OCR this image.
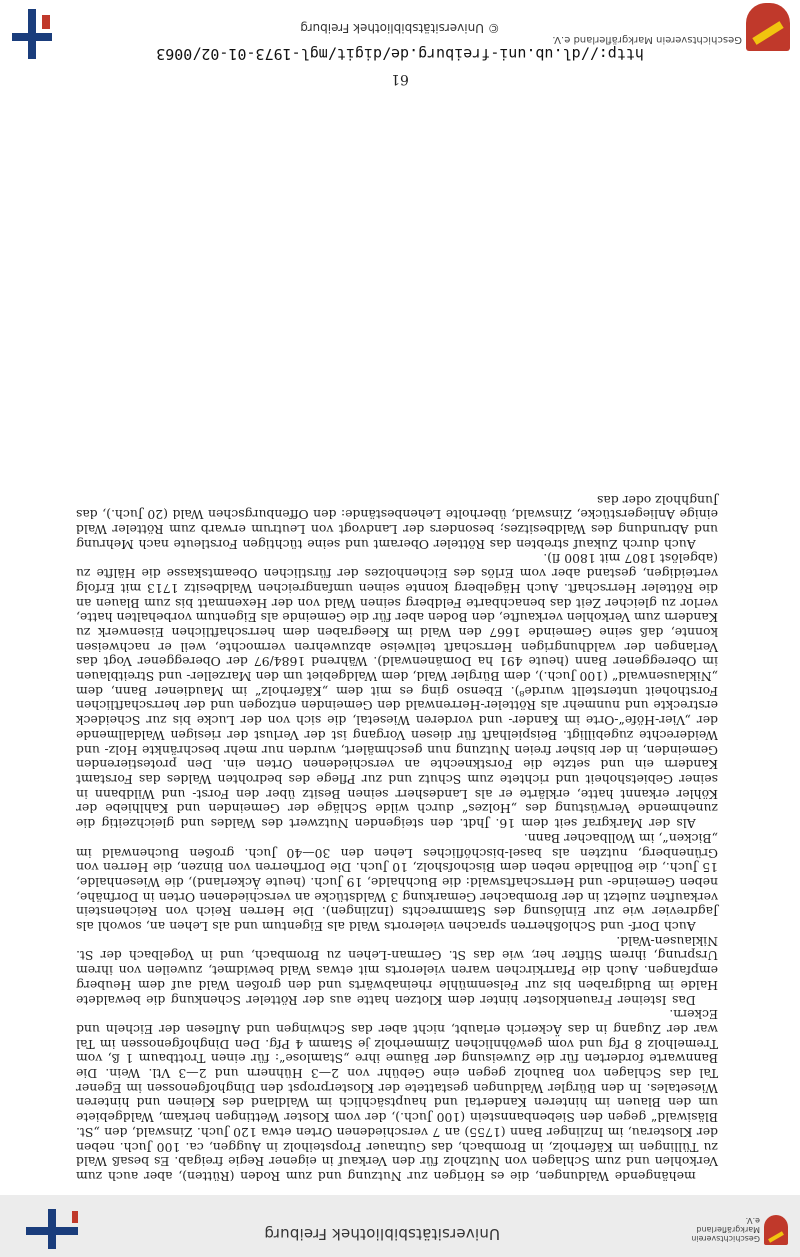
Geschichtsverein Markgräflerland e.V.
Universitätsbibliothek Freiburg

mehängende Waldungen, die es Hörigen zur Nutzung und zum Roden (Rütten), aber auch zum Verkohlen und zum Schlagen von Nutzholz für den Verkauf in eigener Regie freigab. Es besaß Wald zu Tüllingen im Käferholz, in Brombach, das Gutnauer Propsteiholz in Auggen, ca. 100 Juch. neben der Klosterau, im Inzlinger Bann (1755) an 7 verschiedenen Orten etwa 120 Juch. Zinswald, den „St. Bläsiwald“ gegen den Siebenbannstein (100 Juch.), der vom Kloster Wettingen herkam, Waldgebiete um den Blauen im hinteren Kandertal und hauptsächlich im Waldland des Kleinen und hinteren Wiesetales. In den Bürgler Waldungen gestattete der Klosterpropst den Dinghofgenossen im Egener Tal das Schlagen von Bauholz gegen eine Gebühr von 2—3 Hühnern und 2—3 Vtl. Wein. Die Bannwarte forderten für die Zuweisung der Bäume ihre „Stamlose“: für einen Trottbaum 1 ß, vom Tremelholz 8 Pfg und vom gewöhnlichen Zimmerholz je Stamm 4 Pfg. Den Dinghofgenossen im Tal war der Zugang in das Äckerich erlaubt, nicht aber das Schwingen und Auflesen der Eicheln und Eckern.

Das Isteiner Frauenkloster hinter dem Klotzen hatte aus der Rötteler Schenkung die bewaldete Halde im Budigraben bis zur Felsenmühle rheinabwärts und den großen Wald auf dem Heuberg empfangen. Auch die Pfarrkirchen waren vielerorts mit etwas Wald bewidmet, zuweilen von ihrem Ursprung, ihrem Stifter her, wie das St. German-Lehen zu Brombach, und in Vogelbach der St. Niklausen-Wald.

Auch Dorf- und Schloßherren sprachen vielerorts Wald als Eigentum und als Lehen an, sowohl als Jagdrevier wie zur Einlösung des Stammrechts (Inzlingen). Die Herren Reich von Reichenstein verkauften zuletzt in der Brombacher Gemarkung 3 Waldstücke an verschiedenen Orten in Dorfnähe, neben Gemeinde- und Herrschaftswald: die Buchhalde, 19 Juch. (heute Äckerland), die Wiesenhalde, 15 Juch., die Bollhalde neben dem Bischofsholz, 10 Juch. Die Dorfherren von Binzen, die Herren von Grünenberg, nutzten als basel-bischöfliches Lehen den 30—40 Juch. großen Buchenwald im „Bicken“, im Wollbacher Bann.

Als der Markgraf seit dem 16. Jhdt. den steigenden Nutzwert des Waldes und gleichzeitig die zunehmende Verwüstung des „Holzes“ durch wilde Schläge der Gemeinden und Kahlhiebe der Köhler erkannt hatte, erklärte er als Landesherr seinen Besitz über den Forst- und Wildbann in seiner Gebietshoheit und richtete zum Schutz und zur Pflege des bedrohten Waldes das Forstamt Kandern ein und setzte die Forstknechte an verschiedenen Orten ein. Den protestierenden Gemeinden, in der bisher freien Nutzung nun geschmälert, wurden nur mehr beschränkte Holz- und Weiderechte zugebilligt. Beispielhaft für diesen Vorgang ist der Verlust der riesigen Waldallmende der „Vier-Höfe“-Orte im Kander- und vorderen Wiesetal, die sich von der Lucke bis zur Scheideck erstreckte und nunmehr als Rötteler-Herrenwald den Gemeinden entzogen und der herrschaftlichen Forsthoheit unterstellt wurde⁸). Ebenso ging es mit dem „Käferholz“ im Maudiener Bann, dem „Niklausenwald“ (100 Juch.), dem Bürgler Wald, dem Waldgebiet um den Marzeller- und Streitblauen im Obereggener Bann (heute 491 ha Domänenwald). Während 1684/97 der Obereggener Vogt das Verlangen der waldhungrigen Herrschaft teilweise abzuwehren vermochte, weil er nachweisen konnte, daß seine Gemeinde 1667 den Wald im Kleegraben dem herrschaftlichen Eisenwerk zu Kandern zum Verkohlen verkaufte, den Boden aber für die Gemeinde als Eigentum vorbehalten hatte, verlor zu gleicher Zeit das benachbarte Feldberg seinen Wald von der Hexenmatt bis zum Blauen an die Rötteler Herrschaft. Auch Hägelberg konnte seinen umfangreichen Waldbesitz 1713 mit Erfolg verteidigen, gestand aber vom Erlös des Eichenholzes der fürstlichen Obeamtskasse die Hälfte zu (abgelöst 1807 mit 1800 fl).

Auch durch Zukauf strebten das Rötteler Oberamt und seine tüchtigen Forstleute nach Mehrung und Abrundung des Waldbesitzes; besonders der Landvogt von Leutrum erwarb zum Rötteler Wald einige Anliegerstücke, Zinswald, überholte Lehenbestände: den Offenburgschen Wald (20 Juch.), das Junghholz oder das

61
http://dl.ub.uni-freiburg.de/digit/mgl-1973-01-02/0063
© Universitätsbibliothek Freiburg
Geschichtsverein Markgräflerland e.V.
